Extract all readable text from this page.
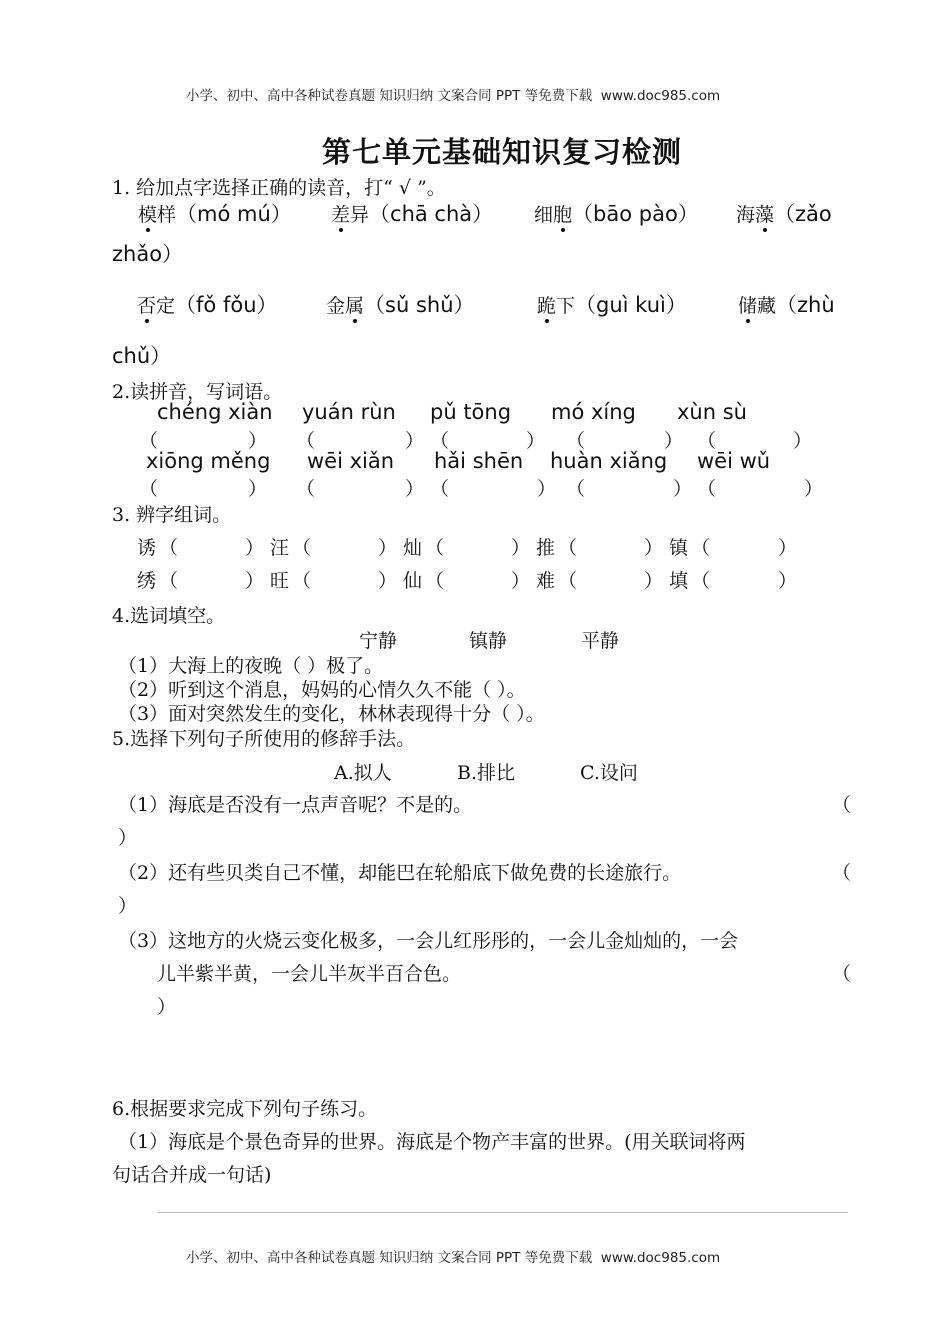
小学、初中、高中各种试卷真题 知识归纳 文案合同 PPT 等免费下载 www.doc985.com
第七单元基础知识复习检测
1. 给加点字选择正确的读音，打“ √ ”。
模样（mó mú） 差异（chā chà） 细胞（bāo pào） 海藻（zǎo
zhǎo）
否定（fǒ fǒu）	金属（sǔ shǔ）	跪下（guì kuì）	储藏（zhù
chǔ）
2.读拼音，写词语。
chéng xiàn yuán rùn pǔ tōng mó xíng xùn sù
（	） （	） （	） （	） （	）
xiōng měng wēi xiǎn hǎi shēn huàn xiǎng wēi wǔ
（	） （	） （	） （	） （	）
3. 辨字组词。
诱 （	） 汪 （	） 灿 （	） 推 （	） 镇 （	）
绣 （	） 旺 （	） 仙 （	） 难 （	） 填 （	）
4.选词填空。
宁静	镇静	平静
（1）大海上的夜晚（ ）极了。
（2）听到这个消息，妈妈的心情久久不能（ ）。
（3）面对突然发生的变化，林林表现得十分（ ）。
5.选择下列句子所使用的修辞手法。
A.拟人	B.排比	C.设问
（1）海底是否没有一点声音呢？不是的。	（
）
（2）还有些贝类自己不懂，却能巴在轮船底下做免费的长途旅行。	（
）
（3）这地方的火烧云变化极多，一会儿红彤彤的，一会儿金灿灿的，一会
儿半紫半黄，一会儿半灰半百合色。	（
）
6.根据要求完成下列句子练习。
（1）海底是个景色奇异的世界。海底是个物产丰富的世界。(用关联词将两
句话合并成一句话)
小学、初中、高中各种试卷真题 知识归纳 文案合同 PPT 等免费下载 www.doc985.com
